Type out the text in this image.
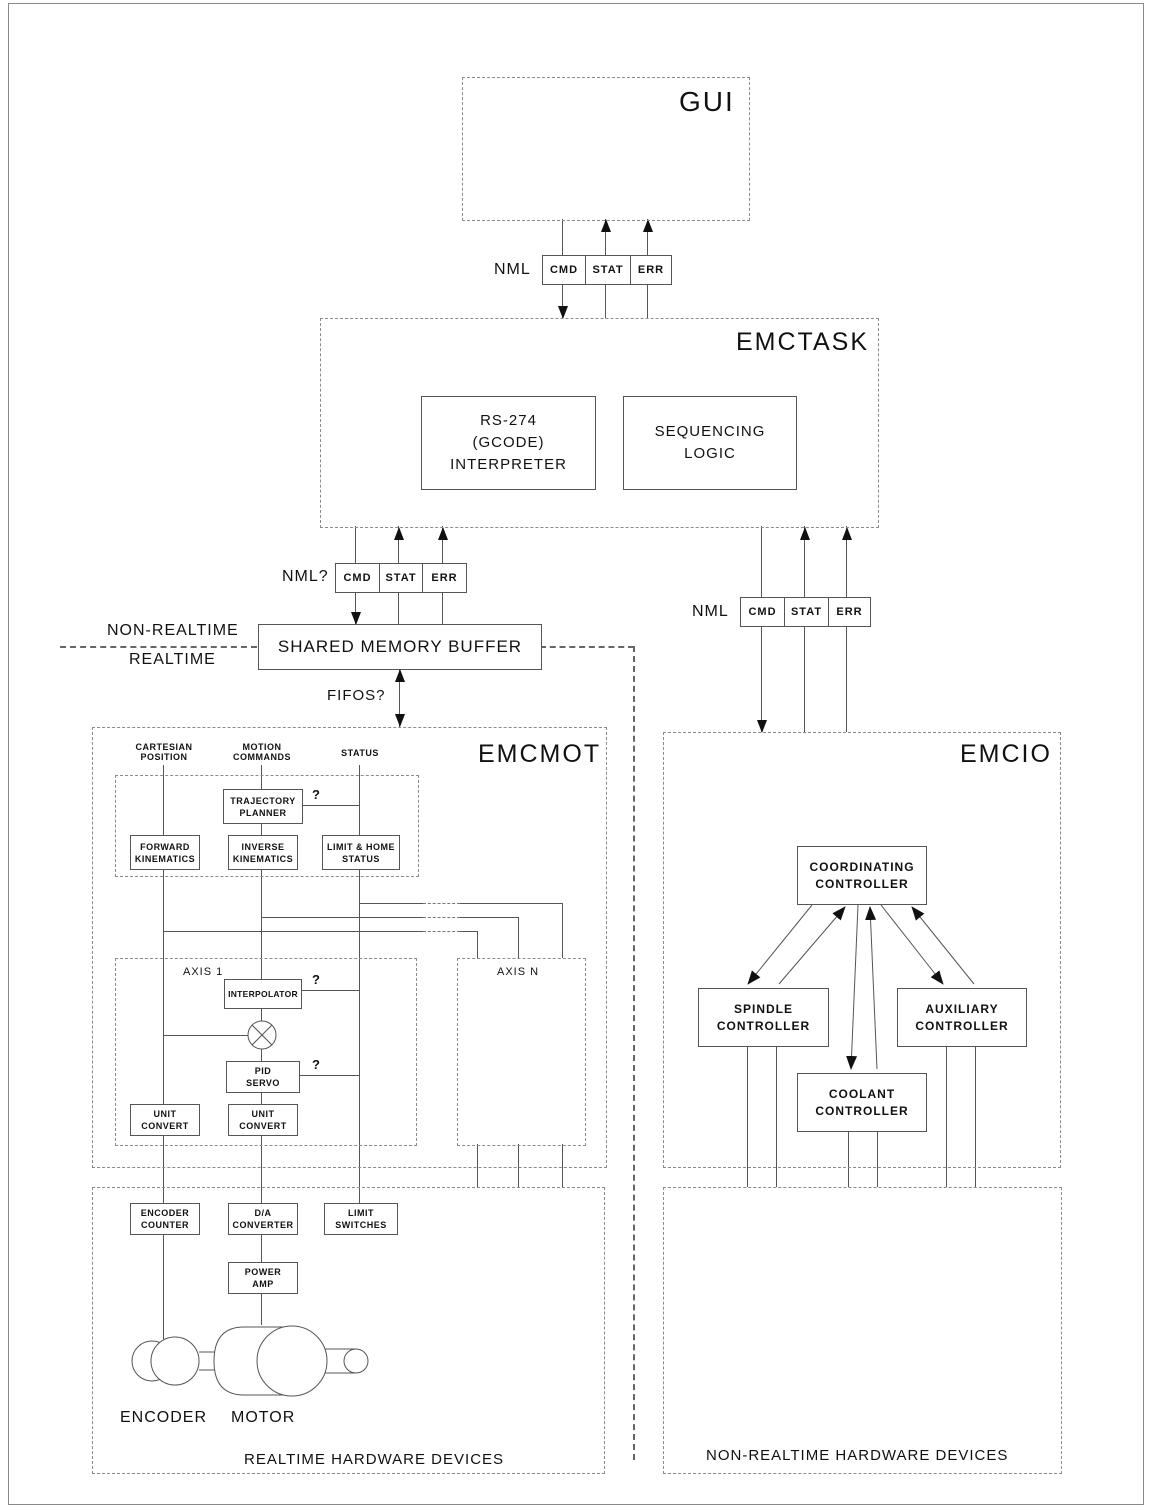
GUI
EMCTASK
EMCMOT	EMCIO
NML
NML?
NML
NON-REALTIME
REALTIME
FIFOS?
CMD	STAT	ERR
CMD	STAT	ERR
CMD	STAT	ERR
RS-274
(GCODE)
INTERPRETER
SEQUENCING
LOGIC
SHARED MEMORY BUFFER
CARTESIAN
POSITION
MOTION
COMMANDS	STATUS
TRAJECTORY
PLANNER
FORWARD
KINEMATICS
INVERSE
KINEMATICS
LIMIT & HOME
STATUS
AXIS 1	AXIS N
INTERPOLATOR
PID
SERVO
UNIT
CONVERT
UNIT
CONVERT
?
?
?
COORDINATING
CONTROLLER
SPINDLE
CONTROLLER
AUXILIARY
CONTROLLER
COOLANT
CONTROLLER
ENCODER
COUNTER
D/A
CONVERTER
LIMIT
SWITCHES
POWER
AMP
ENCODER MOTOR
REALTIME HARDWARE DEVICES	NON-REALTIME HARDWARE DEVICES
